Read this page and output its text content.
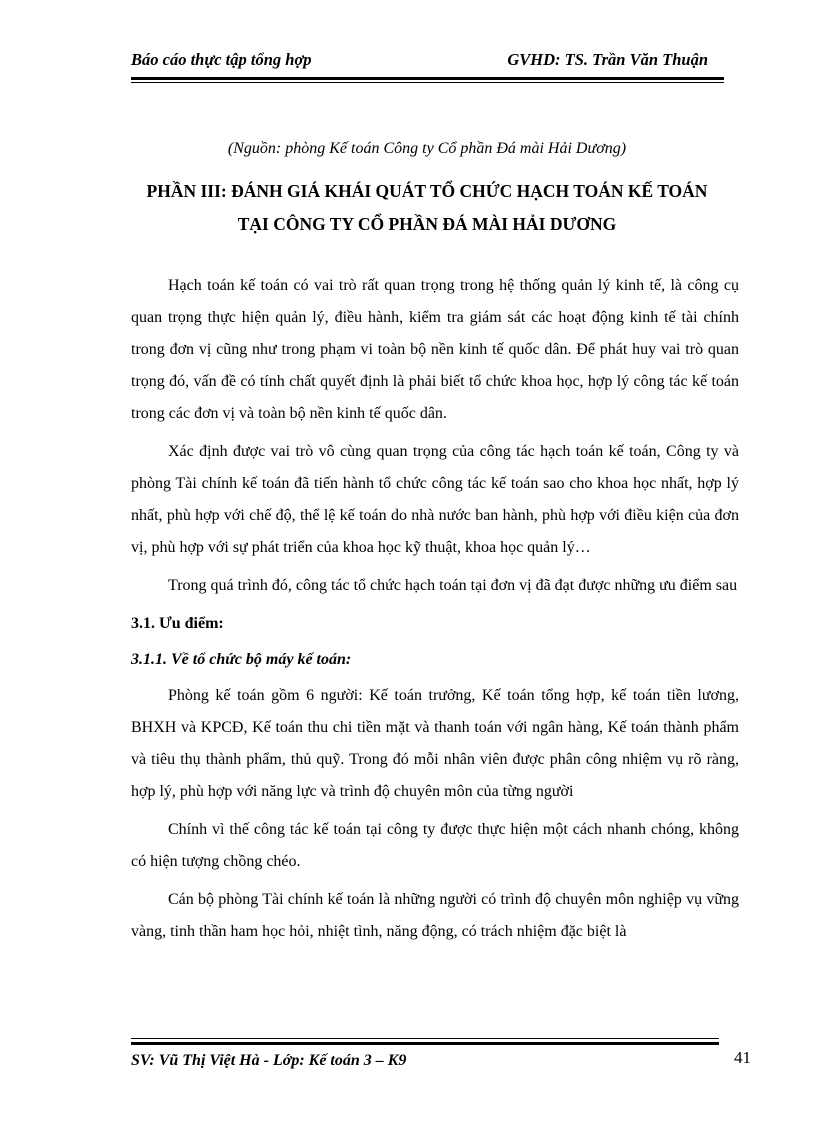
Báo cáo thực tập tổng hợp	GVHD: TS. Trần Văn Thuận
(Nguồn: phòng Kế toán Công ty Cổ phần Đá mài Hải Dương)
PHẦN III: ĐÁNH GIÁ KHÁI QUÁT TỔ CHỨC HẠCH TOÁN KẾ TOÁN
TẠI CÔNG TY CỔ PHẦN ĐÁ MÀI HẢI DƯƠNG

Hạch toán kế toán có vai trò rất quan trọng trong hệ thống quản lý kinh tế, là công cụ quan trọng thực hiện quản lý, điều hành, kiểm tra giám sát các hoạt động kinh tế tài chính trong đơn vị cũng như trong phạm vi toàn bộ nền kinh tế quốc dân. Để phát huy vai trò quan trọng đó, vấn đề có tính chất quyết định là phải biết tổ chức khoa học, hợp lý công tác kế toán trong các đơn vị và toàn bộ nền kinh tế quốc dân.

Xác định được vai trò vô cùng quan trọng của công tác hạch toán kế toán, Công ty và phòng Tài chính kế toán đã tiến hành tổ chức công tác kế toán sao cho khoa học nhất, hợp lý nhất, phù hợp với chế độ, thể lệ kế toán do nhà nước ban hành, phù hợp với điều kiện của đơn vị, phù hợp với sự phát triển của khoa học kỹ thuật, khoa học quản lý…

Trong quá trình đó, công tác tổ chức hạch toán tại đơn vị đã đạt được những ưu điểm sau

3.1. Ưu điểm:

3.1.1. Về tổ chức bộ máy kế toán:

Phòng kế toán gồm 6 người: Kế toán trưởng, Kế toán tổng hợp, kế toán tiền lương, BHXH và KPCĐ, Kế toán thu chi tiền mặt và thanh toán với ngân hàng, Kế toán thành phẩm và tiêu thụ thành phẩm, thủ quỹ. Trong đó mỗi nhân viên được phân công nhiệm vụ rõ ràng, hợp lý, phù hợp với năng lực và trình độ chuyên môn của từng người

Chính vì thế công tác kế toán tại công ty được thực hiện một cách nhanh chóng, không có hiện tượng chồng chéo.

Cán bộ phòng Tài chính kế toán là những người có trình độ chuyên môn nghiệp vụ vững vàng, tinh thần ham học hỏi, nhiệt tình, năng động, có trách nhiệm đặc biệt là

SV: Vũ Thị Việt Hà - Lớp: Kế toán 3 – K9	41
